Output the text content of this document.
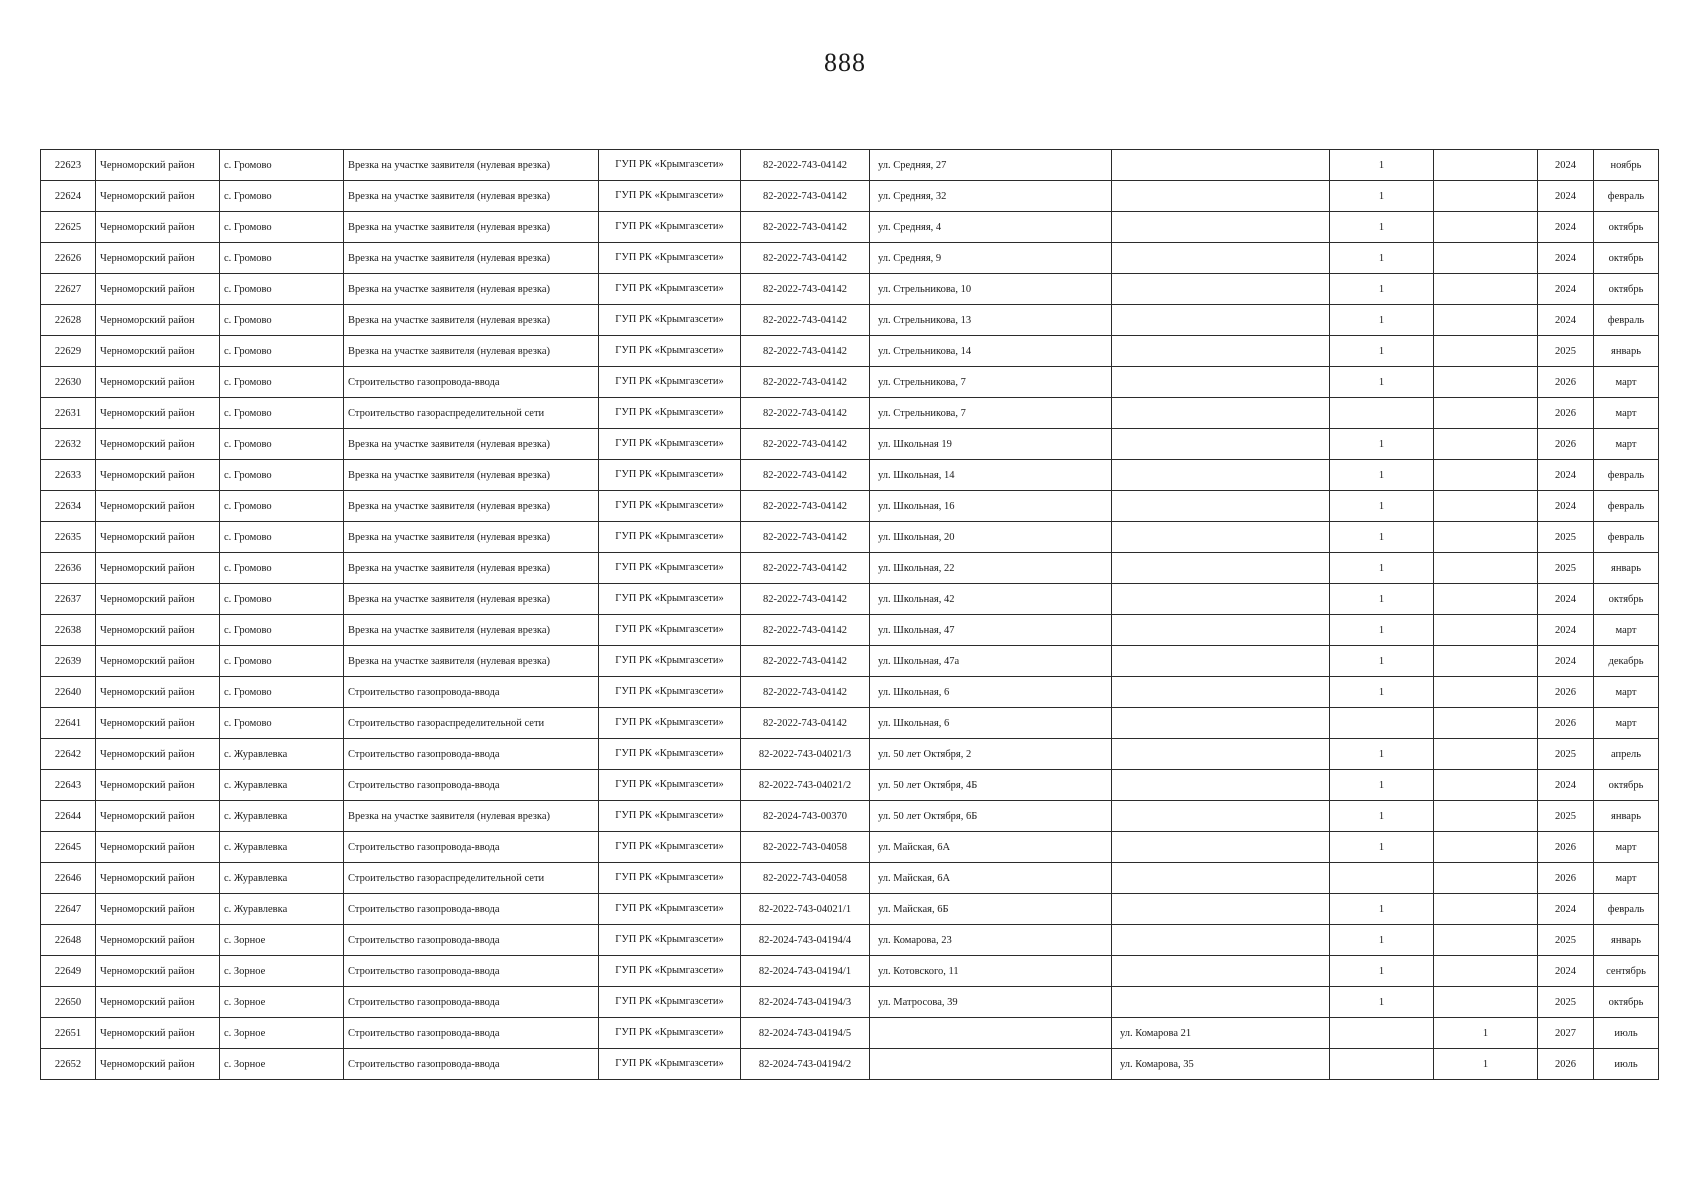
888
22623	Черноморский район	с. Громово	Врезка на участке заявителя (нулевая врезка)	ГУП РК «Крымгазсети»	82-2022-743-04142	ул. Средняя, 27		1		2024	ноябрь
22624	Черноморский район	с. Громово	Врезка на участке заявителя (нулевая врезка)	ГУП РК «Крымгазсети»	82-2022-743-04142	ул. Средняя, 32		1		2024	февраль
22625	Черноморский район	с. Громово	Врезка на участке заявителя (нулевая врезка)	ГУП РК «Крымгазсети»	82-2022-743-04142	ул. Средняя, 4		1		2024	октябрь
22626	Черноморский район	с. Громово	Врезка на участке заявителя (нулевая врезка)	ГУП РК «Крымгазсети»	82-2022-743-04142	ул. Средняя, 9		1		2024	октябрь
22627	Черноморский район	с. Громово	Врезка на участке заявителя (нулевая врезка)	ГУП РК «Крымгазсети»	82-2022-743-04142	ул. Стрельникова, 10		1		2024	октябрь
22628	Черноморский район	с. Громово	Врезка на участке заявителя (нулевая врезка)	ГУП РК «Крымгазсети»	82-2022-743-04142	ул. Стрельникова, 13		1		2024	февраль
22629	Черноморский район	с. Громово	Врезка на участке заявителя (нулевая врезка)	ГУП РК «Крымгазсети»	82-2022-743-04142	ул. Стрельникова, 14		1		2025	январь
22630	Черноморский район	с. Громово	Строительство газопровода-ввода	ГУП РК «Крымгазсети»	82-2022-743-04142	ул. Стрельникова, 7		1		2026	март
22631	Черноморский район	с. Громово	Строительство газораспределительной сети	ГУП РК «Крымгазсети»	82-2022-743-04142	ул. Стрельникова, 7				2026	март
22632	Черноморский район	с. Громово	Врезка на участке заявителя (нулевая врезка)	ГУП РК «Крымгазсети»	82-2022-743-04142	ул. Школьная 19		1		2026	март
22633	Черноморский район	с. Громово	Врезка на участке заявителя (нулевая врезка)	ГУП РК «Крымгазсети»	82-2022-743-04142	ул. Школьная, 14		1		2024	февраль
22634	Черноморский район	с. Громово	Врезка на участке заявителя (нулевая врезка)	ГУП РК «Крымгазсети»	82-2022-743-04142	ул. Школьная, 16		1		2024	февраль
22635	Черноморский район	с. Громово	Врезка на участке заявителя (нулевая врезка)	ГУП РК «Крымгазсети»	82-2022-743-04142	ул. Школьная, 20		1		2025	февраль
22636	Черноморский район	с. Громово	Врезка на участке заявителя (нулевая врезка)	ГУП РК «Крымгазсети»	82-2022-743-04142	ул. Школьная, 22		1		2025	январь
22637	Черноморский район	с. Громово	Врезка на участке заявителя (нулевая врезка)	ГУП РК «Крымгазсети»	82-2022-743-04142	ул. Школьная, 42		1		2024	октябрь
22638	Черноморский район	с. Громово	Врезка на участке заявителя (нулевая врезка)	ГУП РК «Крымгазсети»	82-2022-743-04142	ул. Школьная, 47		1		2024	март
22639	Черноморский район	с. Громово	Врезка на участке заявителя (нулевая врезка)	ГУП РК «Крымгазсети»	82-2022-743-04142	ул. Школьная, 47а		1		2024	декабрь
22640	Черноморский район	с. Громово	Строительство газопровода-ввода	ГУП РК «Крымгазсети»	82-2022-743-04142	ул. Школьная, 6		1		2026	март
22641	Черноморский район	с. Громово	Строительство газораспределительной сети	ГУП РК «Крымгазсети»	82-2022-743-04142	ул. Школьная, 6				2026	март
22642	Черноморский район	с. Журавлевка	Строительство газопровода-ввода	ГУП РК «Крымгазсети»	82-2022-743-04021/3	ул. 50 лет Октября, 2		1		2025	апрель
22643	Черноморский район	с. Журавлевка	Строительство газопровода-ввода	ГУП РК «Крымгазсети»	82-2022-743-04021/2	ул. 50 лет Октября, 4Б		1		2024	октябрь
22644	Черноморский район	с. Журавлевка	Врезка на участке заявителя (нулевая врезка)	ГУП РК «Крымгазсети»	82-2024-743-00370	ул. 50 лет Октября, 6Б		1		2025	январь
22645	Черноморский район	с. Журавлевка	Строительство газопровода-ввода	ГУП РК «Крымгазсети»	82-2022-743-04058	ул. Майская, 6А		1		2026	март
22646	Черноморский район	с. Журавлевка	Строительство газораспределительной сети	ГУП РК «Крымгазсети»	82-2022-743-04058	ул. Майская, 6А				2026	март
22647	Черноморский район	с. Журавлевка	Строительство газопровода-ввода	ГУП РК «Крымгазсети»	82-2022-743-04021/1	ул. Майская, 6Б		1		2024	февраль
22648	Черноморский район	с. Зорное	Строительство газопровода-ввода	ГУП РК «Крымгазсети»	82-2024-743-04194/4	ул. Комарова, 23		1		2025	январь
22649	Черноморский район	с. Зорное	Строительство газопровода-ввода	ГУП РК «Крымгазсети»	82-2024-743-04194/1	ул. Котовского, 11		1		2024	сентябрь
22650	Черноморский район	с. Зорное	Строительство газопровода-ввода	ГУП РК «Крымгазсети»	82-2024-743-04194/3	ул. Матросова, 39		1		2025	октябрь
22651	Черноморский район	с. Зорное	Строительство газопровода-ввода	ГУП РК «Крымгазсети»	82-2024-743-04194/5		ул. Комарова 21		1	2027	июль
22652	Черноморский район	с. Зорное	Строительство газопровода-ввода	ГУП РК «Крымгазсети»	82-2024-743-04194/2		ул. Комарова, 35		1	2026	июль
